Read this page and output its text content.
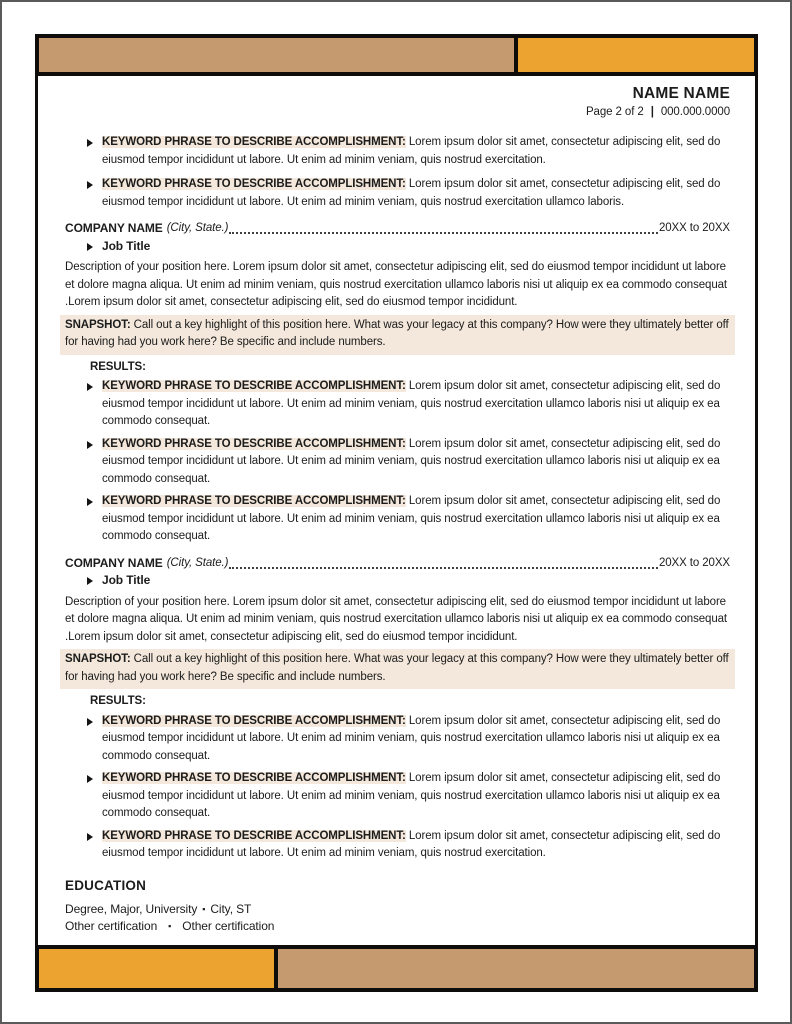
NAME NAME
Page 2 of 2 | 000.000.0000

KEYWORD PHRASE TO DESCRIBE ACCOMPLISHMENT: Lorem ipsum dolor sit amet, consectetur adipiscing elit, sed do eiusmod tempor incididunt ut labore. Ut enim ad minim veniam, quis nostrud exercitation.

KEYWORD PHRASE TO DESCRIBE ACCOMPLISHMENT: Lorem ipsum dolor sit amet, consectetur adipiscing elit, sed do eiusmod tempor incididunt ut labore. Ut enim ad minim veniam, quis nostrud exercitation ullamco laboris.

COMPANY NAME (City, State.)	20XX to 20XX
Job Title

Description of your position here. Lorem ipsum dolor sit amet, consectetur adipiscing elit, sed do eiusmod tempor incididunt ut labore et dolore magna aliqua. Ut enim ad minim veniam, quis nostrud exercitation ullamco laboris nisi ut aliquip ex ea commodo consequat .Lorem ipsum dolor sit amet, consectetur adipiscing elit, sed do eiusmod tempor incididunt.

SNAPSHOT: Call out a key highlight of this position here. What was your legacy at this company? How were they ultimately better off for having had you work here? Be specific and include numbers.

RESULTS:

KEYWORD PHRASE TO DESCRIBE ACCOMPLISHMENT: Lorem ipsum dolor sit amet, consectetur adipiscing elit, sed do eiusmod tempor incididunt ut labore. Ut enim ad minim veniam, quis nostrud exercitation ullamco laboris nisi ut aliquip ex ea commodo consequat.

KEYWORD PHRASE TO DESCRIBE ACCOMPLISHMENT: Lorem ipsum dolor sit amet, consectetur adipiscing elit, sed do eiusmod tempor incididunt ut labore. Ut enim ad minim veniam, quis nostrud exercitation ullamco laboris nisi ut aliquip ex ea commodo consequat.

KEYWORD PHRASE TO DESCRIBE ACCOMPLISHMENT: Lorem ipsum dolor sit amet, consectetur adipiscing elit, sed do eiusmod tempor incididunt ut labore. Ut enim ad minim veniam, quis nostrud exercitation ullamco laboris nisi ut aliquip ex ea commodo consequat.

COMPANY NAME (City, State.)	20XX to 20XX
Job Title

Description of your position here. Lorem ipsum dolor sit amet, consectetur adipiscing elit, sed do eiusmod tempor incididunt ut labore et dolore magna aliqua. Ut enim ad minim veniam, quis nostrud exercitation ullamco laboris nisi ut aliquip ex ea commodo consequat .Lorem ipsum dolor sit amet, consectetur adipiscing elit, sed do eiusmod tempor incididunt.

SNAPSHOT: Call out a key highlight of this position here. What was your legacy at this company? How were they ultimately better off for having had you work here? Be specific and include numbers.

RESULTS:

KEYWORD PHRASE TO DESCRIBE ACCOMPLISHMENT: Lorem ipsum dolor sit amet, consectetur adipiscing elit, sed do eiusmod tempor incididunt ut labore. Ut enim ad minim veniam, quis nostrud exercitation ullamco laboris nisi ut aliquip ex ea commodo consequat.

KEYWORD PHRASE TO DESCRIBE ACCOMPLISHMENT: Lorem ipsum dolor sit amet, consectetur adipiscing elit, sed do eiusmod tempor incididunt ut labore. Ut enim ad minim veniam, quis nostrud exercitation ullamco laboris nisi ut aliquip ex ea commodo consequat.

KEYWORD PHRASE TO DESCRIBE ACCOMPLISHMENT: Lorem ipsum dolor sit amet, consectetur adipiscing elit, sed do eiusmod tempor incididunt ut labore. Ut enim ad minim veniam, quis nostrud exercitation.

EDUCATION

Degree, Major, University ▪ City, ST

Other certification ▪ Other certification
